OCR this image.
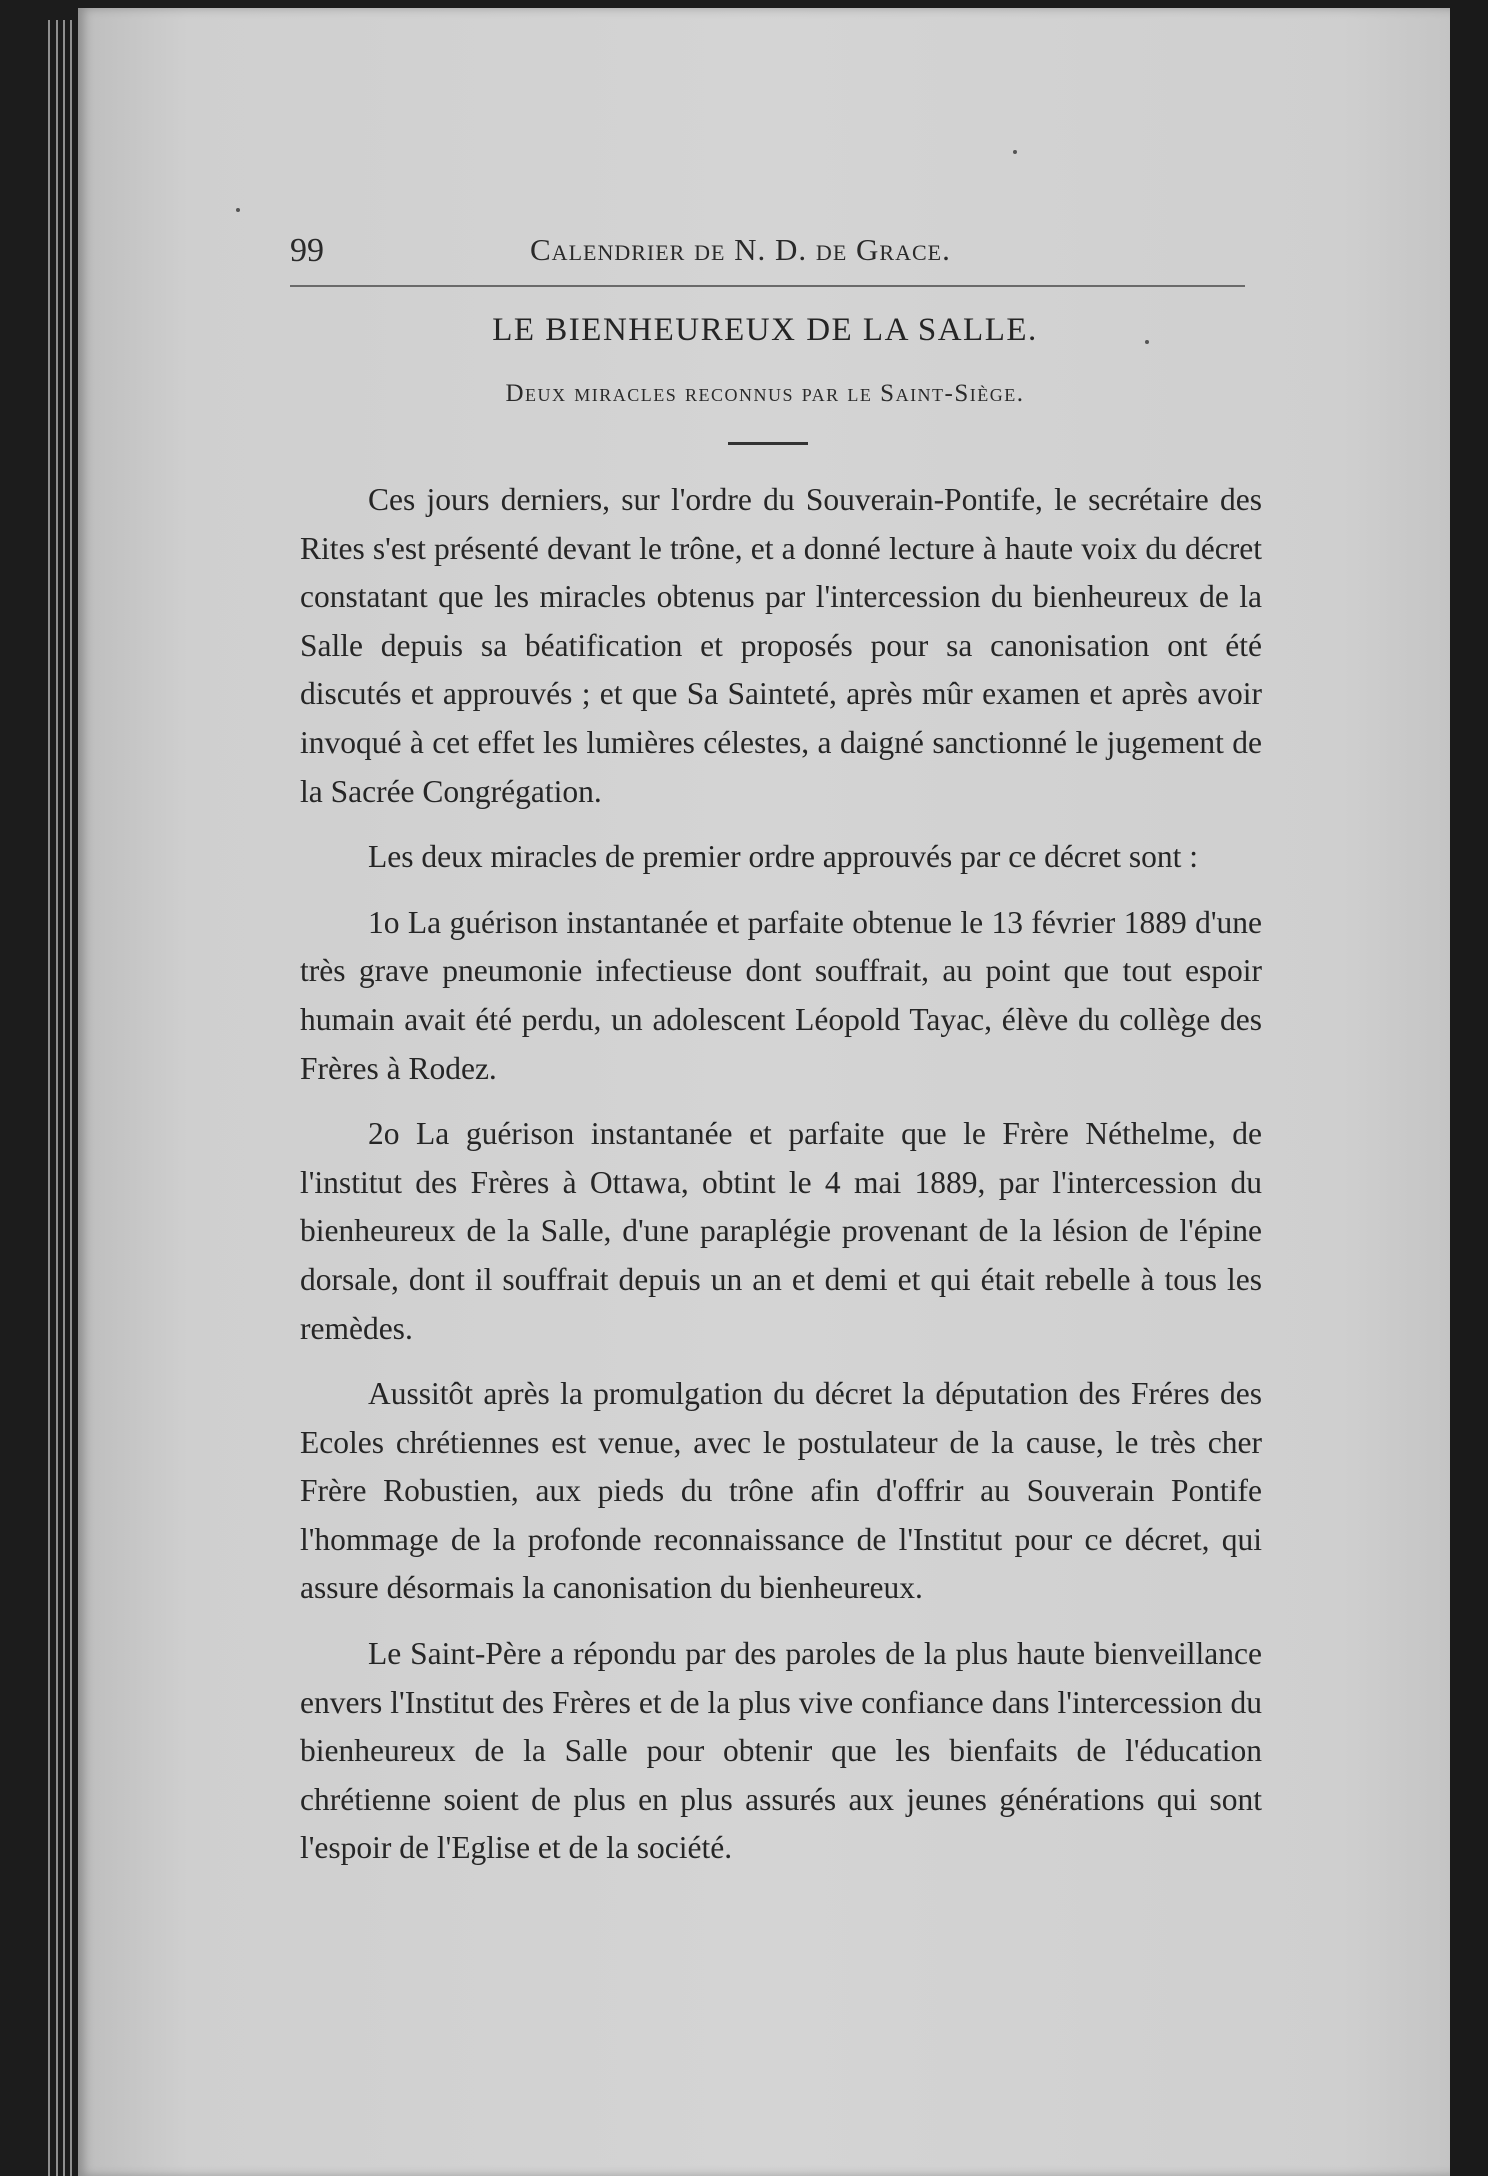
99	Calendrier de N. D. de Grace.
LE BIENHEUREUX DE LA SALLE.
Deux miracles reconnus par le Saint-Siège.

Ces jours derniers, sur l'ordre du Souverain-Pontife, le secrétaire des Rites s'est présenté devant le trône, et a donné lecture à haute voix du décret constatant que les miracles obtenus par l'intercession du bienheureux de la Salle depuis sa béatification et proposés pour sa canonisation ont été discutés et approuvés ; et que Sa Sainteté, après mûr examen et après avoir invoqué à cet effet les lumières célestes, a daigné sanctionné le jugement de la Sacrée Congrégation.

Les deux miracles de premier ordre approuvés par ce décret sont :

1o La guérison instantanée et parfaite obtenue le 13 février 1889 d'une très grave pneumonie infectieuse dont souffrait, au point que tout espoir humain avait été perdu, un adolescent Léopold Tayac, élève du collège des Frères à Rodez.

2o La guérison instantanée et parfaite que le Frère Néthelme, de l'institut des Frères à Ottawa, obtint le 4 mai 1889, par l'intercession du bienheureux de la Salle, d'une paraplégie provenant de la lésion de l'épine dorsale, dont il souffrait depuis un an et demi et qui était rebelle à tous les remèdes.

Aussitôt après la promulgation du décret la députation des Fréres des Ecoles chrétiennes est venue, avec le postulateur de la cause, le très cher Frère Robustien, aux pieds du trône afin d'offrir au Souverain Pontife l'hommage de la profonde reconnaissance de l'Institut pour ce décret, qui assure désormais la canonisation du bienheureux.

Le Saint-Père a répondu par des paroles de la plus haute bienveillance envers l'Institut des Frères et de la plus vive confiance dans l'intercession du bienheureux de la Salle pour obtenir que les bienfaits de l'éducation chrétienne soient de plus en plus assurés aux jeunes générations qui sont l'espoir de l'Eglise et de la société.
